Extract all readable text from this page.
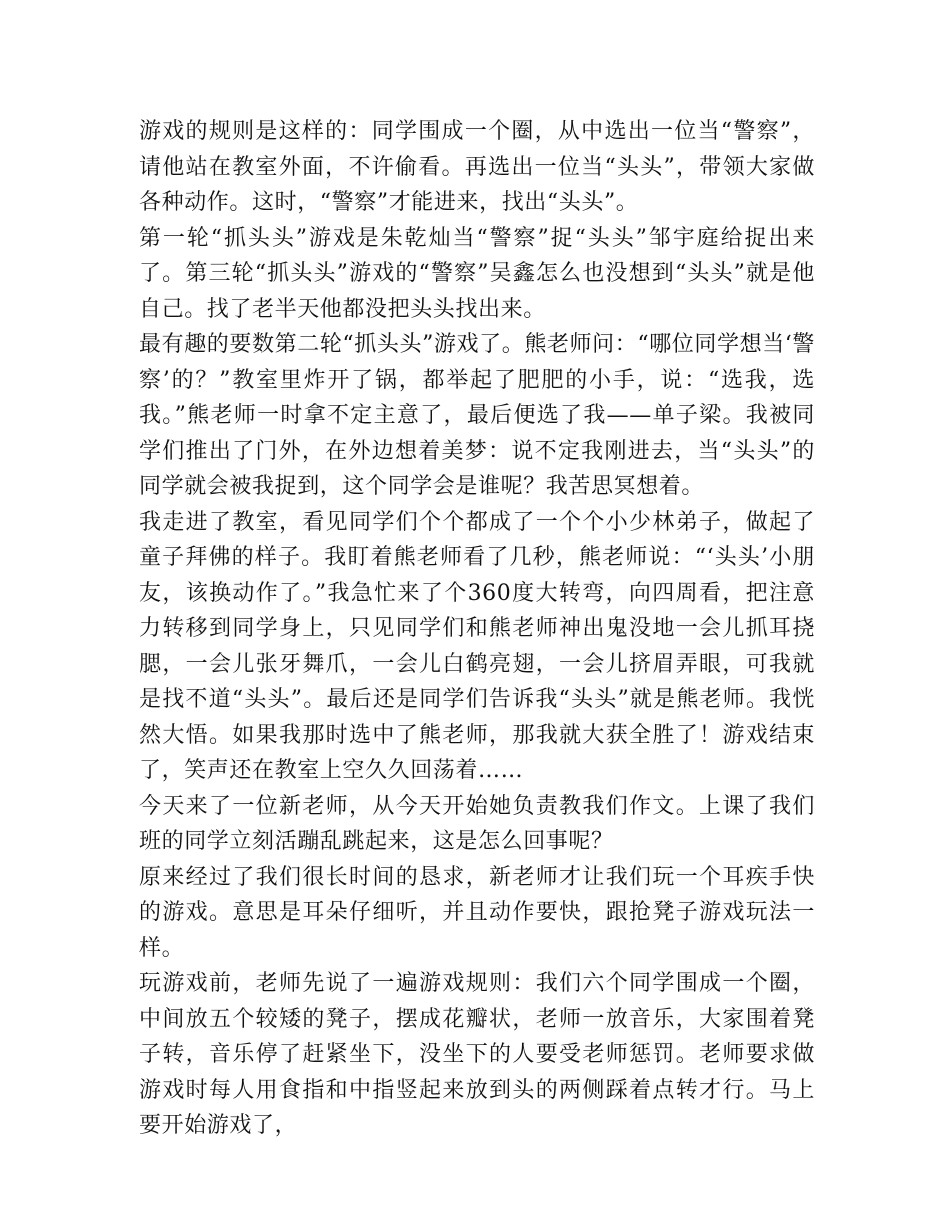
游戏的规则是这样的：同学围成一个圈，从中选出一位当“警察”，请他站在教室外面，不许偷看。再选出一位当“头头”，带领大家做各种动作。这时，“警察”才能进来，找出“头头”。

第一轮“抓头头”游戏是朱乾灿当“警察”捉“头头”邹宇庭给捉出来了。第三轮“抓头头”游戏的“警察”吴鑫怎么也没想到“头头”就是他自己。找了老半天他都没把头头找出来。

最有趣的要数第二轮“抓头头”游戏了。熊老师问：“哪位同学想当‘警察’的？”教室里炸开了锅，都举起了肥肥的小手，说：“选我，选我。”熊老师一时拿不定主意了，最后便选了我——单子梁。我被同学们推出了门外，在外边想着美梦：说不定我刚进去，当“头头”的同学就会被我捉到，这个同学会是谁呢？我苦思冥想着。

我走进了教室，看见同学们个个都成了一个个小少林弟子，做起了童子拜佛的样子。我盯着熊老师看了几秒，熊老师说：“‘头头’小朋友，该换动作了。”我急忙来了个360度大转弯，向四周看，把注意力转移到同学身上，只见同学们和熊老师神出鬼没地一会儿抓耳挠腮，一会儿张牙舞爪，一会儿白鹤亮翅，一会儿挤眉弄眼，可我就是找不道“头头”。最后还是同学们告诉我“头头”就是熊老师。我恍然大悟。如果我那时选中了熊老师，那我就大获全胜了！游戏结束了，笑声还在教室上空久久回荡着……

今天来了一位新老师，从今天开始她负责教我们作文。上课了我们班的同学立刻活蹦乱跳起来，这是怎么回事呢？

原来经过了我们很长时间的恳求，新老师才让我们玩一个耳疾手快的游戏。意思是耳朵仔细听，并且动作要快，跟抢凳子游戏玩法一样。

玩游戏前，老师先说了一遍游戏规则：我们六个同学围成一个圈，中间放五个较矮的凳子，摆成花瓣状，老师一放音乐，大家围着凳子转，音乐停了赶紧坐下，没坐下的人要受老师惩罚。老师要求做游戏时每人用食指和中指竖起来放到头的两侧踩着点转才行。马上要开始游戏了，
